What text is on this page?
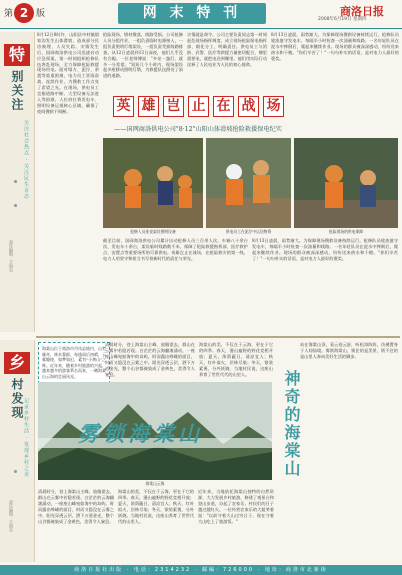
第 2 版	网 末 特 刊	商洛日报
2008年6月19日 星期四
特
别关注
关注社会热点 · 关注民生百态
责任编辑：王海东
8月12日0时许，山阳县中村镇烟家沟发生山体滑坡，造成部分民房被埋，人员失踪。灾情发生后，国网商洛供电公司迅速启动应急预案，第一时间组织抢修队伍奔赴现场，全力保障抢险救援现场用电。面对塌方、泥泞、余震等重重困难，电力员工冒雨奋战，连续作业，为搜救工作点亮了希望之光。在现场，供电员工克服道路中断、大型设备无法进入等困难，人拉肩扛将发电车、照明设备运抵核心区域，确保了夜间搜救不间断。
抢险现场，塔材散落，线路受损。公司抢修人员分组作业，一组负责临时电源接入，一组负责照明灯塔架设，一组负责受损线路排查。从12日凌晨到13日深夜，他们几乎没有合眼。一位老师傅说："多亮一盏灯，就多一分希望。"短短几个小时内，现场架设起多座移动照明灯塔，为救援队伍照亮了前进的道路。
灾情就是命令。公司主要负责同志第一时间赶赴现场指挥调度，成立现场抢险保电指挥部，细化分工，明确责任。供电员工与消防、武警、医疗等救援力量密切配合，哪里需要电，就把电送到哪里。他们用实际行动诠释了人民电业为人民的初心使命。
8月13日凌晨，雨势渐大。为保障现场搜救设备持续运行，抢修队员轮流值守发电车，每隔半小时检查一次油量和线路。一名年轻队员在泥水中摔倒后，爬起来继续作业。现场的群众被深深感动，纷纷送来热水和干粮。"你们辛苦了！"一句句朴实的话语，是对电力人最好的褒奖。
英 雄 岂 止 在 战 场
——国网商洛供电公司"8·12"山阳山体滑坡抢险救援保电纪实
抢修人员连夜架设照明设备	供电员工在泥泞中运送物资	抢险现场的供电保障
截至目前，国网商洛供电公司累计出动抢修人员三百余人次，车辆八十余台次，发电车十余台，架设临时线路数千米，保障了抢险救援指挥部、医疗救护点、安置点等重要场所的可靠供电。英雄岂止在战场，在抢险救灾的第一线，电力人用坚守和担当书写着新时代的责任与荣光。
8月13日凌晨，雨势渐大。为保障现场搜救设备持续运行，抢修队员轮流值守发电车，每隔半小时检查一次油量和线路。一名年轻队员在泥水中摔倒后，爬起来继续作业。现场的群众被深深感动，纷纷送来热水和干粮。"你们辛苦了！"一句句朴实的话语，是对电力人最好的褒奖。
乡
村发现 记录乡村生活 · 发现乡村之美
责任编辑：王海东
海棠山位于商洛市丹凤县境内，山势雄奇，林木葱郁，每逢雨后初晴，云雾缭绕，如梦如幻，素有"小黄山"之称。近年来，随着乡村旅游的兴起，越来越多的游客慕名而来，一睹海棠山云海的壮丽风光。
雾锁海棠山
海棠山云海
清晨时分，登上海棠山主峰，放眼望去，群山在云雾中若隐若现。白茫茫的云海翻滚涌动，一座座山峰宛如海中的岛屿，时而露出峥嵘的面目，时而又隐没在云雾之中。阳光穿透云层，洒下万道金光，整个山谷都被染成了金黄色，美得令人窒息。
海棠山的美，不仅在于云海，更在于它的四季。春天，漫山遍野的野花竞相开放；夏天，浓荫蔽日，清凉宜人；秋天，红叶似火，层林尽染；冬天，银装素裹，分外妖娆。当地村民说，这座山养育了世世代代的山里人。
清晨时分，登上海棠山主峰，放眼望去，群山在云雾中若隐若现。白茫茫的云海翻滚涌动，一座座山峰宛如海中的岛屿，时而露出峥嵘的面目，时而又隐没在云雾之中。阳光穿透云层，洒下万道金光，整个山谷都被染成了金黄色，美得令人窒息。
海棠山的美，不仅在于云海，更在于它的四季。春天，漫山遍野的野花竞相开放；夏天，浓荫蔽日，清凉宜人；秋天，红叶似火，层林尽染；冬天，银装素裹，分外妖娆。当地村民说，这座山养育了世世代代的山里人。
近年来，当地依托海棠山独特的自然资源，大力发展乡村旅游，修建了观景台和登山步道，办起了农家乐，村民们的日子越过越红火。一位经营农家乐的大姐笑着说："以前守着大山过穷日子，现在守着大山吃上了旅游饭。"
神奇的海棠山
站在海棠山顶，看云卷云舒，听松涛阵阵，仿佛置身于人间仙境。雾锁海棠山，锁住的是美景，锁不住的是山里人奔向美好生活的脚步。
商洛日报社出版 · 电话：2314232 · 邮编：726000 · 地址：商洛市北新街
